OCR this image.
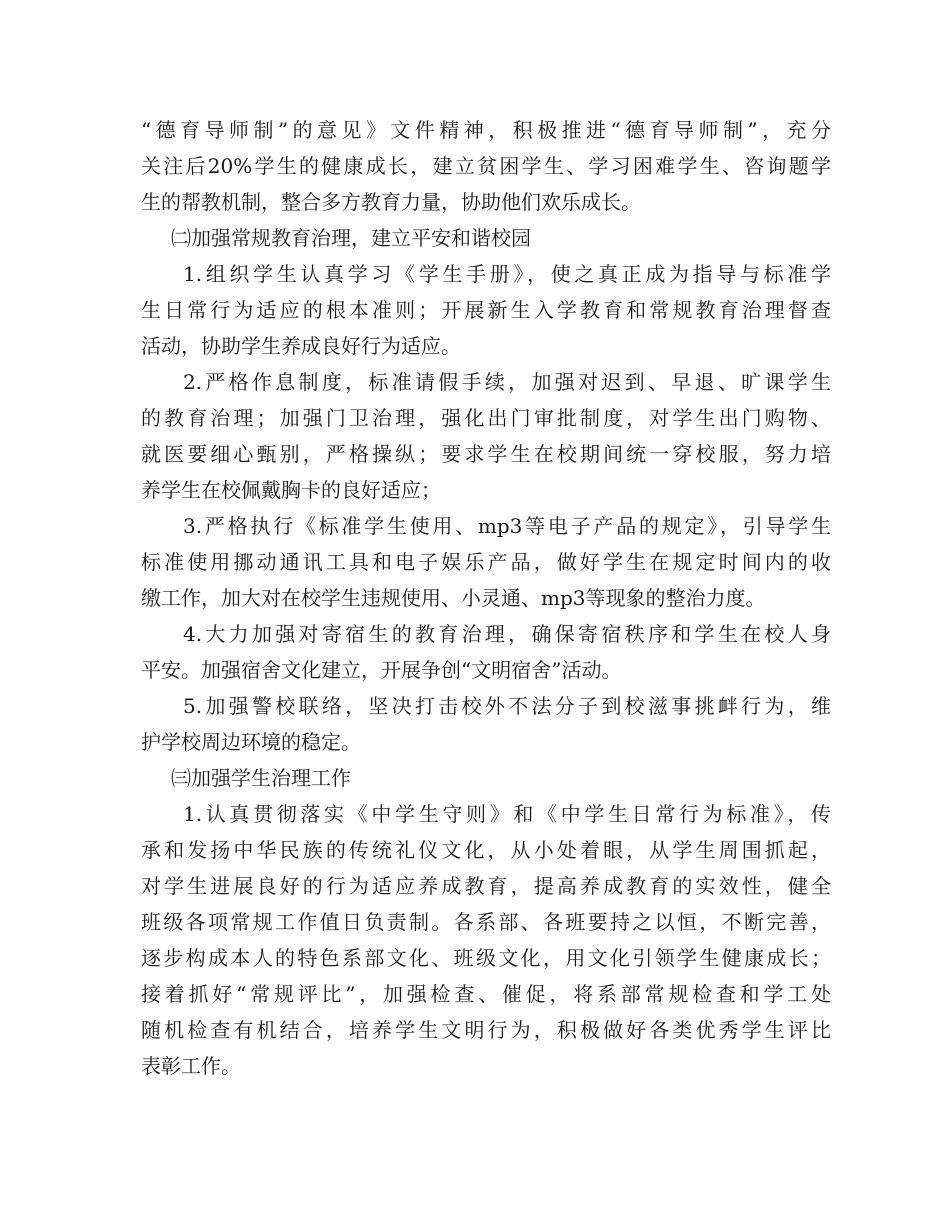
“德育导师制”的意见》文件精神，积极推进“德育导师制”，充分
关注后20%学生的健康成长，建立贫困学生、学习困难学生、咨询题学
生的帮教机制，整合多方教育力量，协助他们欢乐成长。
㈡加强常规教育治理，建立平安和谐校园
1.组织学生认真学习《学生手册》，使之真正成为指导与标准学
生日常行为适应的根本准则；开展新生入学教育和常规教育治理督查
活动，协助学生养成良好行为适应。
2.严格作息制度，标准请假手续，加强对迟到、早退、旷课学生
的教育治理；加强门卫治理，强化出门审批制度，对学生出门购物、
就医要细心甄别，严格操纵；要求学生在校期间统一穿校服，努力培
养学生在校佩戴胸卡的良好适应；
3.严格执行《标准学生使用、mp3等电子产品的规定》，引导学生
标准使用挪动通讯工具和电子娱乐产品，做好学生在规定时间内的收
缴工作，加大对在校学生违规使用、小灵通、mp3等现象的整治力度。
4.大力加强对寄宿生的教育治理，确保寄宿秩序和学生在校人身
平安。加强宿舍文化建立，开展争创“文明宿舍”活动。
5.加强警校联络，坚决打击校外不法分子到校滋事挑衅行为，维
护学校周边环境的稳定。
㈢加强学生治理工作
1.认真贯彻落实《中学生守则》和《中学生日常行为标准》，传
承和发扬中华民族的传统礼仪文化，从小处着眼，从学生周围抓起，
对学生进展良好的行为适应养成教育，提高养成教育的实效性，健全
班级各项常规工作值日负责制。各系部、各班要持之以恒，不断完善，
逐步构成本人的特色系部文化、班级文化，用文化引领学生健康成长；
接着抓好“常规评比”，加强检查、催促，将系部常规检查和学工处
随机检查有机结合，培养学生文明行为，积极做好各类优秀学生评比
表彰工作。
